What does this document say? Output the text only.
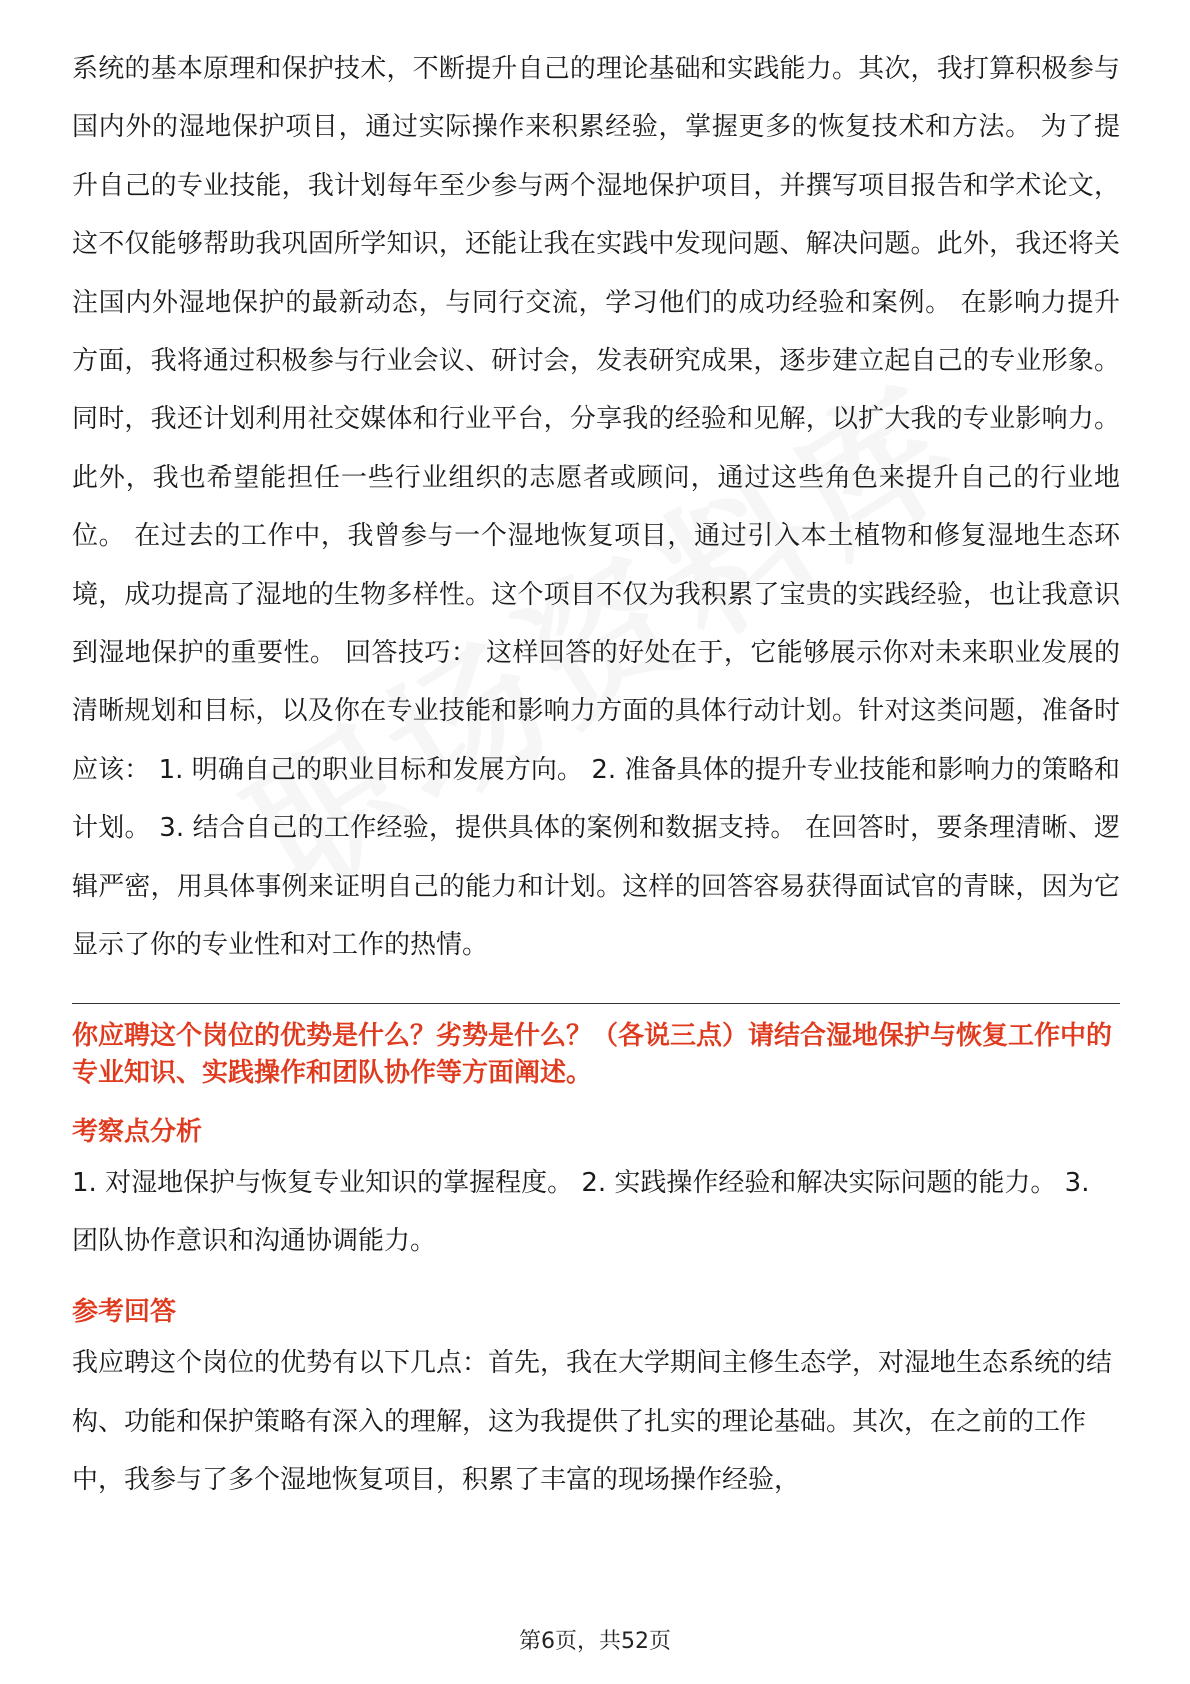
系统的基本原理和保护技术，不断提升自己的理论基础和实践能力。其次，我打算积极参与国内外的湿地保护项目，通过实际操作来积累经验，掌握更多的恢复技术和方法。 为了提升自己的专业技能，我计划每年至少参与两个湿地保护项目，并撰写项目报告和学术论文，这不仅能够帮助我巩固所学知识，还能让我在实践中发现问题、解决问题。此外，我还将关注国内外湿地保护的最新动态，与同行交流，学习他们的成功经验和案例。 在影响力提升方面，我将通过积极参与行业会议、研讨会，发表研究成果，逐步建立起自己的专业形象。同时，我还计划利用社交媒体和行业平台，分享我的经验和见解，以扩大我的专业影响力。此外，我也希望能担任一些行业组织的志愿者或顾问，通过这些角色来提升自己的行业地位。 在过去的工作中，我曾参与一个湿地恢复项目，通过引入本土植物和修复湿地生态环境，成功提高了湿地的生物多样性。这个项目不仅为我积累了宝贵的实践经验，也让我意识到湿地保护的重要性。 回答技巧： 这样回答的好处在于，它能够展示你对未来职业发展的清晰规划和目标，以及你在专业技能和影响力方面的具体行动计划。针对这类问题，准备时应该： 1. 明确自己的职业目标和发展方向。 2. 准备具体的提升专业技能和影响力的策略和计划。 3. 结合自己的工作经验，提供具体的案例和数据支持。 在回答时，要条理清晰、逻辑严密，用具体事例来证明自己的能力和计划。这样的回答容易获得面试官的青睐，因为它显示了你的专业性和对工作的热情。

你应聘这个岗位的优势是什么？劣势是什么？（各说三点）请结合湿地保护与恢复工作中的专业知识、实践操作和团队协作等方面阐述。

考察点分析

1. 对湿地保护与恢复专业知识的掌握程度。 2. 实践操作经验和解决实际问题的能力。 3. 团队协作意识和沟通协调能力。

参考回答

我应聘这个岗位的优势有以下几点：首先，我在大学期间主修生态学，对湿地生态系统的结构、功能和保护策略有深入的理解，这为我提供了扎实的理论基础。其次，在之前的工作中，我参与了多个湿地恢复项目，积累了丰富的现场操作经验，

第6页，共52页
